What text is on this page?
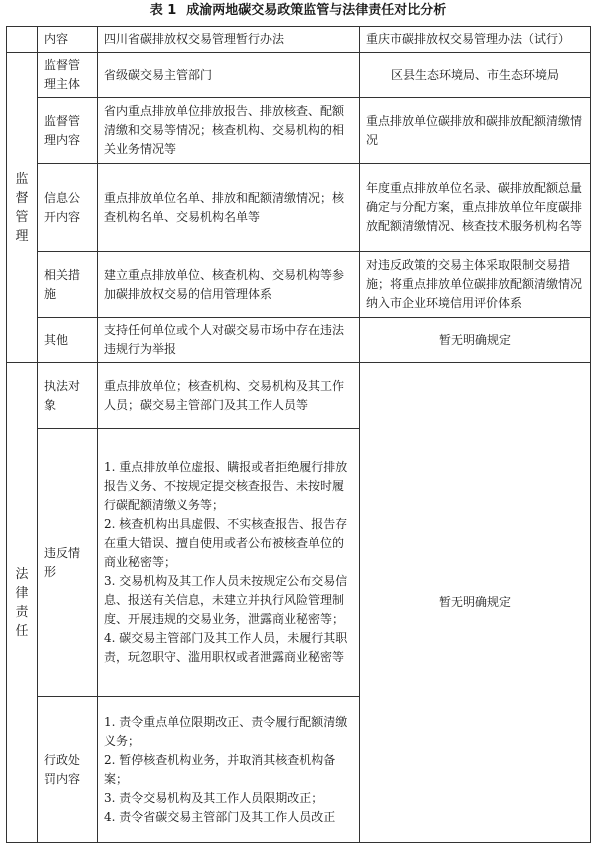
表 1 成渝两地碳交易政策监管与法律责任对比分析
	内容	四川省碳排放权交易管理暂行办法	重庆市碳排放权交易管理办法（试行）
监督管理	监督管理主体	省级碳交易主管部门	区县生态环境局、市生态环境局
	监督管理内容	省内重点排放单位排放报告、排放核查、配额清缴和交易等情况；核查机构、交易机构的相关业务情况等	重点排放单位碳排放和碳排放配额清缴情况
	信息公开内容	重点排放单位名单、排放和配额清缴情况；核查机构名单、交易机构名单等	年度重点排放单位名录、碳排放配额总量确定与分配方案，重点排放单位年度碳排放配额清缴情况、核查技术服务机构名等
	相关措施	建立重点排放单位、核查机构、交易机构等参加碳排放权交易的信用管理体系	对违反政策的交易主体采取限制交易措施；将重点排放单位碳排放配额清缴情况纳入市企业环境信用评价体系
	其他	支持任何单位或个人对碳交易市场中存在违法违规行为举报	暂无明确规定
法律责任	执法对象	重点排放单位；核查机构、交易机构及其工作人员；碳交易主管部门及其工作人员等	暂无明确规定
	违反情形	1. 重点排放单位虚报、瞒报或者拒绝履行排放报告义务、不按规定提交核查报告、未按时履行碳配额清缴义务等；
2. 核查机构出具虚假、不实核查报告、报告存在重大错误、擅自使用或者公布被核查单位的商业秘密等；
3. 交易机构及其工作人员未按规定公布交易信息、报送有关信息，未建立并执行风险管理制度、开展违规的交易业务，泄露商业秘密等；
4. 碳交易主管部门及其工作人员，未履行其职责，玩忽职守、滥用职权或者泄露商业秘密等	

	行政处罚内容	1. 责令重点单位限期改正、责令履行配额清缴义务；
2. 暂停核查机构业务，并取消其核查机构备案；
3. 责令交易机构及其工作人员限期改正；
4. 责令省碳交易主管部门及其工作人员改正	
